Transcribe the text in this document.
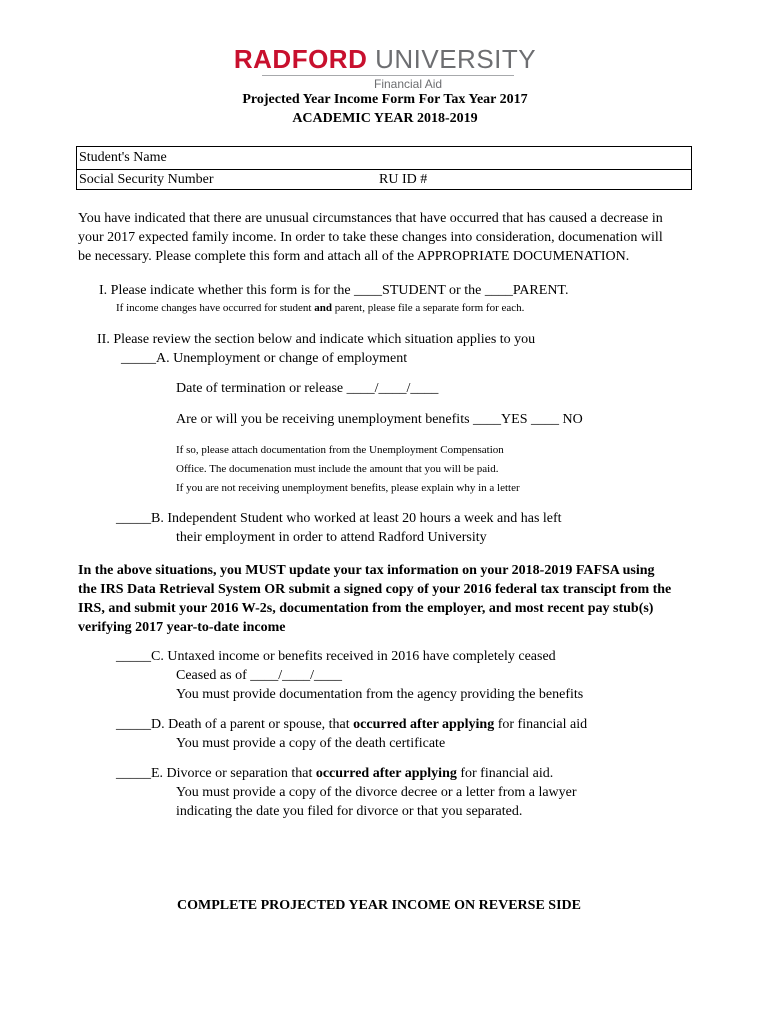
RADFORD UNIVERSITY
Financial Aid
Projected Year Income Form For Tax Year 2017
ACADEMIC YEAR 2018-2019
Student's Name
Social Security Number	RU ID #
You have indicated that there are unusual circumstances that have occurred that has caused a decrease in
your 2017 expected family income. In order to take these changes into consideration, documenation will
be necessary. Please complete this form and attach all of the APPROPRIATE DOCUMENATION.
I. Please indicate whether this form is for the ____STUDENT or the ____PARENT.
If income changes have occurred for student and parent, please file a separate form for each.
II. Please review the section below and indicate which situation applies to you
_____A. Unemployment or change of employment
Date of termination or release ____/____/____
Are or will you be receiving unemployment benefits ____YES ____ NO
If so, please attach documentation from the Unemployment Compensation
Office. The documenation must include the amount that you will be paid.
If you are not receiving unemployment benefits, please explain why in a letter
_____B. Independent Student who worked at least 20 hours a week and has left
their employment in order to attend Radford University
In the above situations, you MUST update your tax information on your 2018-2019 FAFSA using
the IRS Data Retrieval System OR submit a signed copy of your 2016 federal tax transcipt from the
IRS, and submit your 2016 W-2s, documentation from the employer, and most recent pay stub(s)
verifying 2017 year-to-date income
_____C. Untaxed income or benefits received in 2016 have completely ceased
Ceased as of ____/____/____
You must provide documentation from the agency providing the benefits
_____D. Death of a parent or spouse, that occurred after applying for financial aid
You must provide a copy of the death certificate
_____E. Divorce or separation that occurred after applying for financial aid.
You must provide a copy of the divorce decree or a letter from a lawyer
indicating the date you filed for divorce or that you separated.
COMPLETE PROJECTED YEAR INCOME ON REVERSE SIDE
